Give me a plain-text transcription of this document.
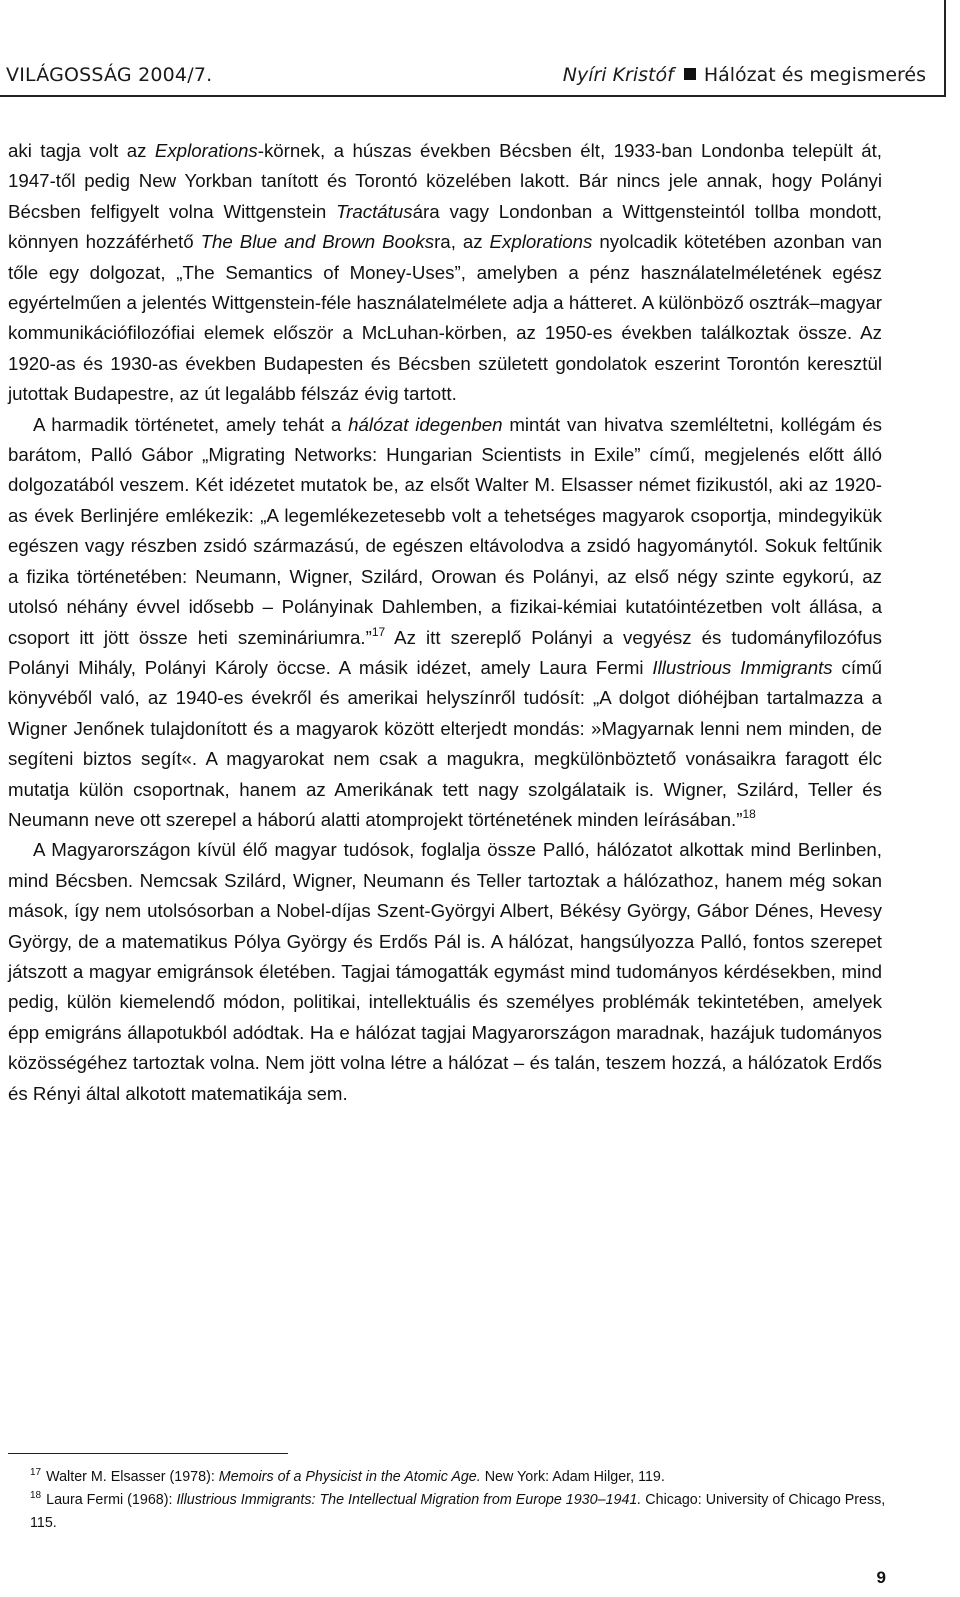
VILÁGOSSÁG 2004/7.	Nyíri Kristóf Hálózat és megismerés

aki tagja volt az Explorations-körnek, a húszas években Bécsben élt, 1933-ban Londonba települt át, 1947-től pedig New Yorkban tanított és Torontó közelében lakott. Bár nincs jele annak, hogy Polányi Bécsben felfigyelt volna Wittgenstein Tractátusára vagy Londonban a Wittgensteintól tollba mondott, könnyen hozzáférhető The Blue and Brown Booksra, az Explorations nyolcadik kötetében azonban van tőle egy dolgozat, „The Semantics of Money-Uses”, amelyben a pénz használatelméletének egész egyértelműen a jelentés Wittgenstein-féle használatelmélete adja a hátteret. A különböző osztrák–magyar kommunikációfilozófiai elemek először a McLuhan-körben, az 1950-es években találkoztak össze. Az 1920-as és 1930-as években Budapesten és Bécsben született gondolatok eszerint Torontón keresztül jutottak Budapestre, az út legalább félszáz évig tartott.

A harmadik történetet, amely tehát a hálózat idegenben mintát van hivatva szemléltetni, kollégám és barátom, Palló Gábor „Migrating Networks: Hungarian Scientists in Exile” című, megjelenés előtt álló dolgozatából veszem. Két idézetet mutatok be, az elsőt Walter M. Elsasser német fizikustól, aki az 1920-as évek Berlinjére emlékezik: „A legemlékezetesebb volt a tehetséges magyarok csoportja, mindegyikük egészen vagy részben zsidó származású, de egészen eltávolodva a zsidó hagyománytól. Sokuk feltűnik a fizika történetében: Neumann, Wigner, Szilárd, Orowan és Polányi, az első négy szinte egykorú, az utolsó néhány évvel idősebb – Polányinak Dahlemben, a fizikai-kémiai kutatóintézetben volt állása, a csoport itt jött össze heti szemináriumra.”$^{17}$ Az itt szereplő Polányi a vegyész és tudományfilozófus Polányi Mihály, Polányi Károly öccse. A másik idézet, amely Laura Fermi Illustrious Immigrants című könyvéből való, az 1940-es évekről és amerikai helyszínről tudósít: „A dolgot dióhéjban tartalmazza a Wigner Jenőnek tulajdonított és a magyarok között elterjedt mondás: »Magyarnak lenni nem minden, de segíteni biztos segít«. A magyarokat nem csak a magukra, megkülönböztető vonásaikra faragott élc mutatja külön csoportnak, hanem az Amerikának tett nagy szolgálataik is. Wigner, Szilárd, Teller és Neumann neve ott szerepel a háború alatti atomprojekt történetének minden leírásában.”$^{18}$

A Magyarországon kívül élő magyar tudósok, foglalja össze Palló, hálózatot alkottak mind Berlinben, mind Bécsben. Nemcsak Szilárd, Wigner, Neumann és Teller tartoztak a hálózathoz, hanem még sokan mások, így nem utolsósorban a Nobel-díjas Szent-Györgyi Albert, Békésy György, Gábor Dénes, Hevesy György, de a matematikus Pólya György és Erdős Pál is. A hálózat, hangsúlyozza Palló, fontos szerepet játszott a magyar emigránsok életében. Tagjai támogatták egymást mind tudományos kérdésekben, mind pedig, külön kiemelendő módon, politikai, intellektuális és személyes problémák tekintetében, amelyek épp emigráns állapotukból adódtak. Ha e hálózat tagjai Magyarországon maradnak, hazájuk tudományos közösségéhez tartoztak volna. Nem jött volna létre a hálózat – és talán, teszem hozzá, a hálózatok Erdős és Rényi által alkotott matematikája sem.

$^{17}$ Walter M. Elsasser (1978): Memoirs of a Physicist in the Atomic Age. New York: Adam Hilger, 119.

$^{18}$ Laura Fermi (1968): Illustrious Immigrants: The Intellectual Migration from Europe 1930–1941. Chicago: University of Chicago Press, 115.

9
